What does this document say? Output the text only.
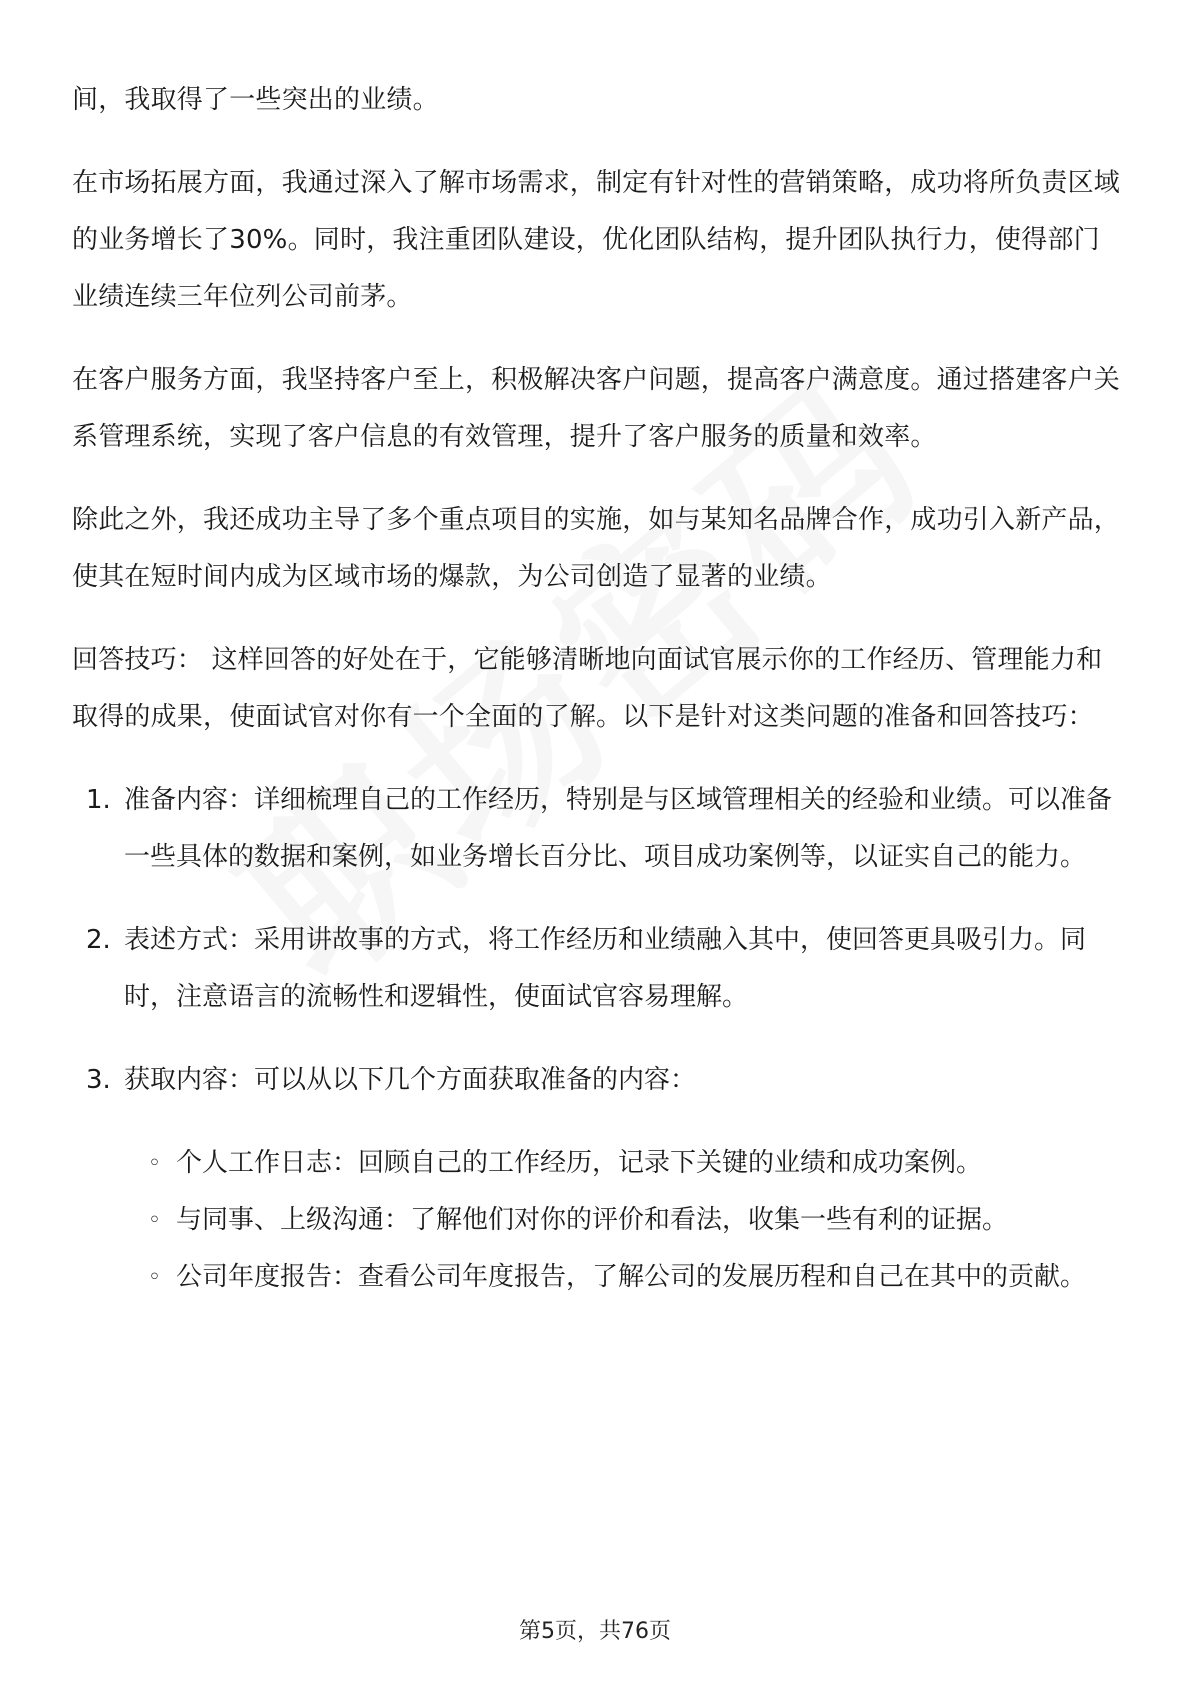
间，我取得了一些突出的业绩。

在市场拓展方面，我通过深入了解市场需求，制定有针对性的营销策略，成功将所负责区域的业务增长了30%。同时，我注重团队建设，优化团队结构，提升团队执行力，使得部门业绩连续三年位列公司前茅。

在客户服务方面，我坚持客户至上，积极解决客户问题，提高客户满意度。通过搭建客户关系管理系统，实现了客户信息的有效管理，提升了客户服务的质量和效率。

除此之外，我还成功主导了多个重点项目的实施，如与某知名品牌合作，成功引入新产品，使其在短时间内成为区域市场的爆款，为公司创造了显著的业绩。

回答技巧： 这样回答的好处在于，它能够清晰地向面试官展示你的工作经历、管理能力和取得的成果，使面试官对你有一个全面的了解。以下是针对这类问题的准备和回答技巧：

1. 准备内容：详细梳理自己的工作经历，特别是与区域管理相关的经验和业绩。可以准备一些具体的数据和案例，如业务增长百分比、项目成功案例等，以证实自己的能力。
2. 表述方式：采用讲故事的方式，将工作经历和业绩融入其中，使回答更具吸引力。同时，注意语言的流畅性和逻辑性，使面试官容易理解。
3. 获取内容：可以从以下几个方面获取准备的内容：
◦ 个人工作日志：回顾自己的工作经历，记录下关键的业绩和成功案例。
◦ 与同事、上级沟通：了解他们对你的评价和看法，收集一些有利的证据。
◦ 公司年度报告：查看公司年度报告，了解公司的发展历程和自己在其中的贡献。
第5页，共76页
